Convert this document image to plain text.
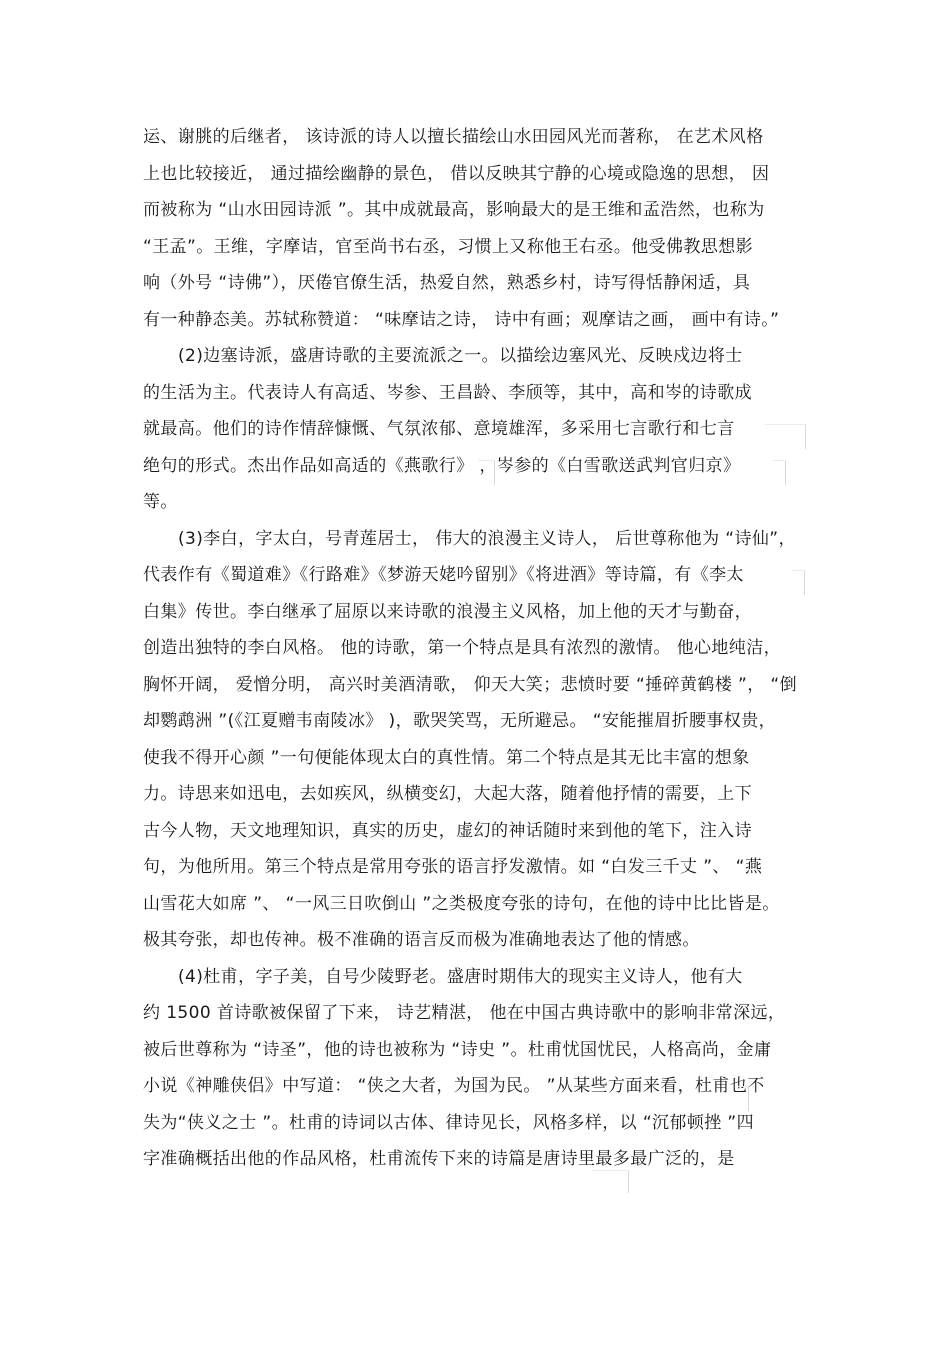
运、谢朓的后继者， 该诗派的诗人以擅长描绘山水田园风光而著称， 在艺术风格
上也比较接近， 通过描绘幽静的景色， 借以反映其宁静的心境或隐逸的思想， 因
而被称为 “山水田园诗派 ”。其中成就最高，影响最大的是王维和孟浩然，也称为
“王孟”。王维，字摩诘，官至尚书右丞，习惯上又称他王右丞。他受佛教思想影
响（外号 “诗佛”），厌倦官僚生活，热爱自然，熟悉乡村，诗写得恬静闲适，具
有一种静态美。苏轼称赞道： “味摩诘之诗， 诗中有画；观摩诘之画， 画中有诗。”
(2)边塞诗派，盛唐诗歌的主要流派之一。以描绘边塞风光、反映戍边将士
的生活为主。代表诗人有高适、岑参、王昌龄、李颀等，其中，高和岑的诗歌成
就最高。他们的诗作情辞慷慨、气氛浓郁、意境雄浑，多采用七言歌行和七言
绝句的形式。杰出作品如高适的《燕歌行》 ，岑参的《白雪歌送武判官归京》
等。
(3)李白，字太白，号青莲居士， 伟大的浪漫主义诗人， 后世尊称他为 “诗仙”，
代表作有《蜀道难》《行路难》《梦游天姥吟留别》《将进酒》等诗篇，有《李太
白集》传世。李白继承了屈原以来诗歌的浪漫主义风格，加上他的天才与勤奋，
创造出独特的李白风格。 他的诗歌，第一个特点是具有浓烈的激情。 他心地纯洁，
胸怀开阔， 爱憎分明， 高兴时美酒清歌， 仰天大笑；悲愤时要 “捶碎黄鹤楼 ”， “倒
却鹦鹉洲 ”(《江夏赠韦南陵冰》 )，歌哭笑骂，无所避忌。 “安能摧眉折腰事权贵，
使我不得开心颜 ”一句便能体现太白的真性情。第二个特点是其无比丰富的想象
力。诗思来如迅电，去如疾风，纵横变幻，大起大落，随着他抒情的需要，上下
古今人物，天文地理知识，真实的历史，虚幻的神话随时来到他的笔下，注入诗
句，为他所用。第三个特点是常用夸张的语言抒发激情。如 “白发三千丈 ”、 “燕
山雪花大如席 ”、 “一风三日吹倒山 ”之类极度夸张的诗句，在他的诗中比比皆是。
极其夸张，却也传神。极不准确的语言反而极为准确地表达了他的情感。
(4)杜甫，字子美，自号少陵野老。盛唐时期伟大的现实主义诗人，他有大
约 1500 首诗歌被保留了下来， 诗艺精湛， 他在中国古典诗歌中的影响非常深远，
被后世尊称为 “诗圣”，他的诗也被称为 “诗史 ”。杜甫忧国忧民，人格高尚，金庸
小说《神雕侠侣》中写道： “侠之大者，为国为民。 ”从某些方面来看，杜甫也不
失为“侠义之士 ”。杜甫的诗词以古体、律诗见长，风格多样，以 “沉郁顿挫 ”四
字准确概括出他的作品风格，杜甫流传下来的诗篇是唐诗里最多最广泛的，是
